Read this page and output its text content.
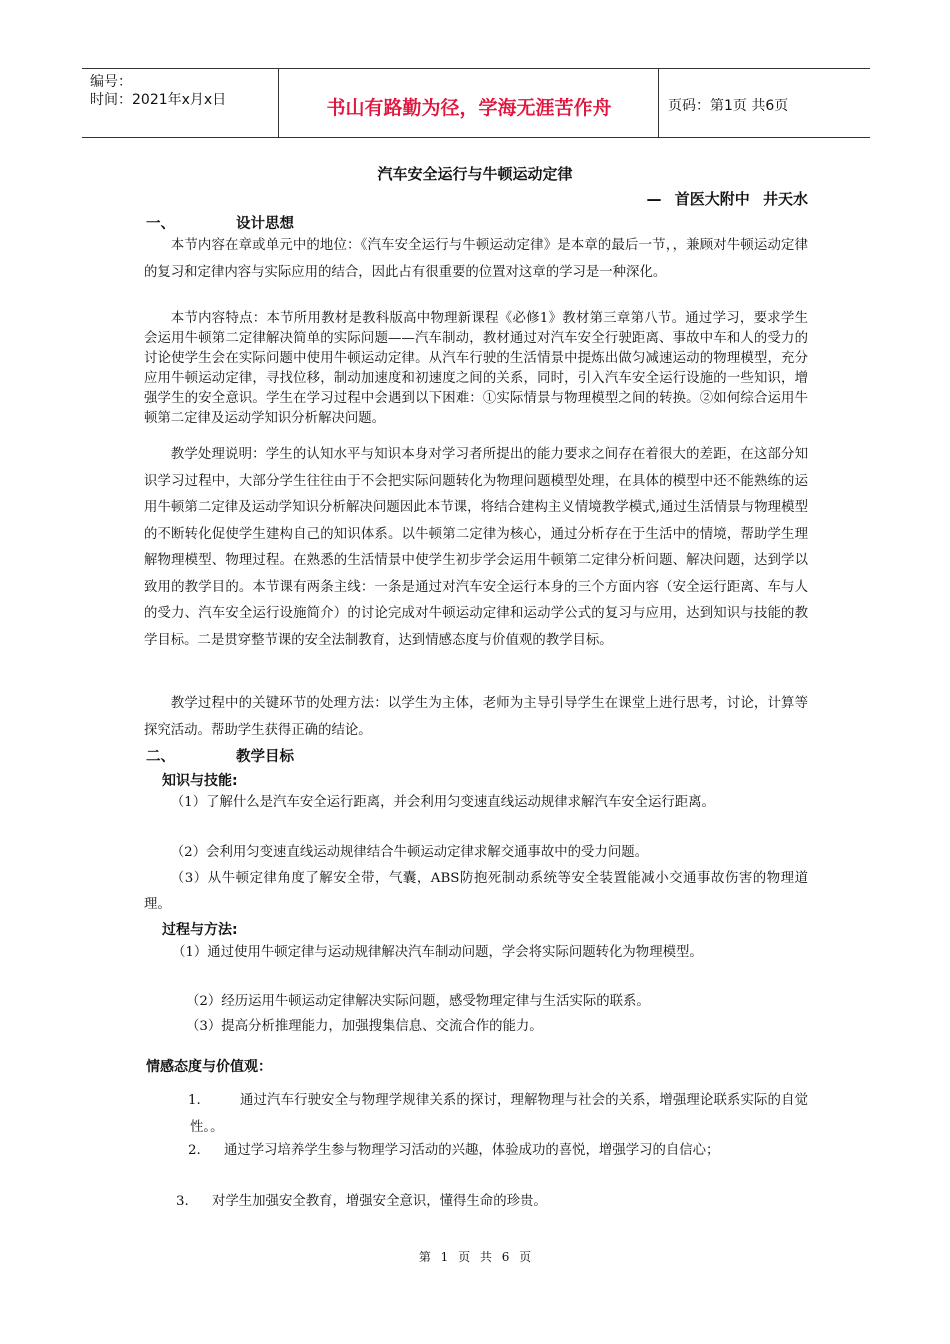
编号：
时间：2021年x月x日	书山有路勤为径，学海无涯苦作舟	页码：第1页 共6页
汽车安全运行与牛顿运动定律
— 首医大附中 井天水
一、	设计思想
本节内容在章或单元中的地位：《汽车安全运行与牛顿运动定律》是本章的最后一节，，兼顾对牛顿运动定律的复习和定律内容与实际应用的结合，因此占有很重要的位置对这章的学习是一种深化。
本节内容特点：本节所用教材是教科版高中物理新课程《必修1》教材第三章第八节。通过学习，要求学生会运用牛顿第二定律解决简单的实际问题——汽车制动，教材通过对汽车安全行驶距离、事故中车和人的受力的讨论使学生会在实际问题中使用牛顿运动定律。从汽车行驶的生活情景中提炼出做匀减速运动的物理模型，充分应用牛顿运动定律，寻找位移，制动加速度和初速度之间的关系，同时，引入汽车安全运行设施的一些知识，增强学生的安全意识。学生在学习过程中会遇到以下困难：①实际情景与物理模型之间的转换。②如何综合运用牛顿第二定律及运动学知识分析解决问题。
教学处理说明：学生的认知水平与知识本身对学习者所提出的能力要求之间存在着很大的差距，在这部分知识学习过程中，大部分学生往往由于不会把实际问题转化为物理问题模型处理，在具体的模型中还不能熟练的运用牛顿第二定律及运动学知识分析解决问题因此本节课，将结合建构主义情境教学模式,通过生活情景与物理模型的不断转化促使学生建构自己的知识体系。以牛顿第二定律为核心，通过分析存在于生活中的情境，帮助学生理解物理模型、物理过程。在熟悉的生活情景中使学生初步学会运用牛顿第二定律分析问题、解决问题，达到学以致用的教学目的。本节课有两条主线：一条是通过对汽车安全运行本身的三个方面内容（安全运行距离、车与人的受力、汽车安全运行设施简介）的讨论完成对牛顿运动定律和运动学公式的复习与应用，达到知识与技能的教学目标。二是贯穿整节课的安全法制教育，达到情感态度与价值观的教学目标。
教学过程中的关键环节的处理方法：以学生为主体，老师为主导引导学生在课堂上进行思考，讨论，计算等探究活动。帮助学生获得正确的结论。
二、	教学目标
知识与技能:
（1）了解什么是汽车安全运行距离，并会利用匀变速直线运动规律求解汽车安全运行距离。
（2）会利用匀变速直线运动规律结合牛顿运动定律求解交通事故中的受力问题。
（3）从牛顿定律角度了解安全带，气囊，ABS防抱死制动系统等安全装置能减小交通事故伤害的物理道理。
过程与方法:
（1）通过使用牛顿定律与运动规律解决汽车制动问题，学会将实际问题转化为物理模型。
（2）经历运用牛顿运动定律解决实际问题，感受物理定律与生活实际的联系。
（3）提高分析推理能力，加强搜集信息、交流合作的能力。
情感态度与价值观：
1.	通过汽车行驶安全与物理学规律关系的探讨，理解物理与社会的关系，增强理论联系实际的自觉性。。
2.	通过学习培养学生参与物理学习活动的兴趣，体验成功的喜悦，增强学习的自信心；
3.	对学生加强安全教育，增强安全意识，懂得生命的珍贵。
第 1 页 共 6 页
